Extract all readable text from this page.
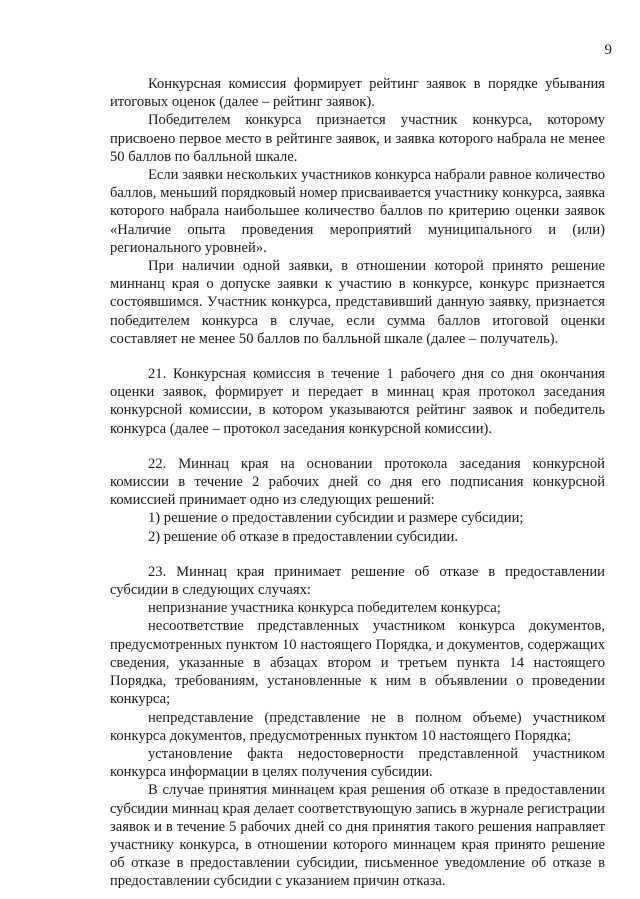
9

Конкурсная комиссия формирует рейтинг заявок в порядке убывания итоговых оценок (далее – рейтинг заявок).

Победителем конкурса признается участник конкурса, которому присвоено первое место в рейтинге заявок, и заявка которого набрала не менее 50 баллов по балльной шкале.

Если заявки нескольких участников конкурса набрали равное количество баллов, меньший порядковый номер присваивается участнику конкурса, заявка которого набрала наибольшее количество баллов по критерию оценки заявок «Наличие опыта проведения мероприятий муниципального и (или) регионального уровней».

При наличии одной заявки, в отношении которой принято решение миннанц края о допуске заявки к участию в конкурсе, конкурс признается состоявшимся. Участник конкурса, представивший данную заявку, признается победителем конкурса в случае, если сумма баллов итоговой оценки составляет не менее 50 баллов по балльной шкале (далее – получатель).

21. Конкурсная комиссия в течение 1 рабочего дня со дня окончания оценки заявок, формирует и передает в миннац края протокол заседания конкурсной комиссии, в котором указываются рейтинг заявок и победитель конкурса (далее – протокол заседания конкурсной комиссии).

22. Миннац края на основании протокола заседания конкурсной комиссии в течение 2 рабочих дней со дня его подписания конкурсной комиссией принимает одно из следующих решений:

1) решение о предоставлении субсидии и размере субсидии;

2) решение об отказе в предоставлении субсидии.

23. Миннац края принимает решение об отказе в предоставлении субсидии в следующих случаях:

непризнание участника конкурса победителем конкурса;

несоответствие представленных участником конкурса документов, предусмотренных пунктом 10 настоящего Порядка, и документов, содержащих сведения, указанные в абзацах втором и третьем пункта 14 настоящего Порядка, требованиям, установленные к ним в объявлении о проведении конкурса;

непредставление (представление не в полном объеме) участником конкурса документов, предусмотренных пунктом 10 настоящего Порядка;

установление факта недостоверности представленной участником конкурса информации в целях получения субсидии.

В случае принятия миннацем края решения об отказе в предоставлении субсидии миннац края делает соответствующую запись в журнале регистрации заявок и в течение 5 рабочих дней со дня принятия такого решения направляет участнику конкурса, в отношении которого миннацем края принято решение об отказе в предоставлении субсидии, письменное уведомление об отказе в предоставлении субсидии с указанием причин отказа.
